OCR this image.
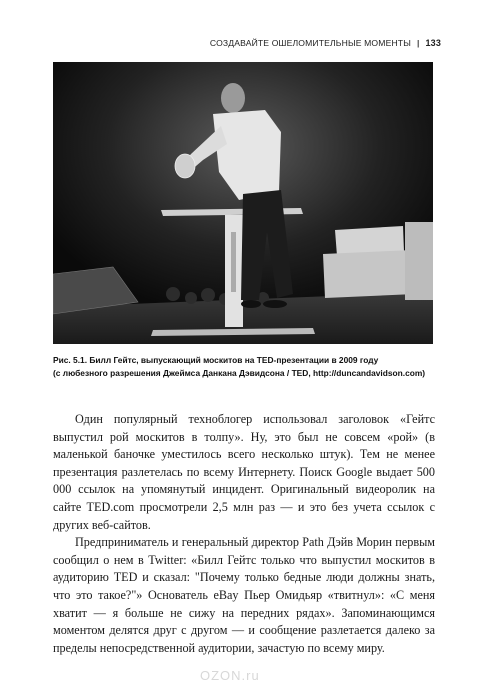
СОЗДАВАЙТЕ ОШЕЛОМИТЕЛЬНЫЕ МОМЕНТЫ | 133
Рис. 5.1. Билл Гейтс, выпускающий москитов на TED-презентации в 2009 году
(с любезного разрешения Джеймса Данкана Дэвидсона / TED, http://duncandavidson.com)

Один популярный техноблогер использовал заголовок «Гейтс выпустил рой москитов в толпу». Ну, это был не совсем «рой» (в маленькой баночке уместилось всего несколько штук). Тем не менее презентация разлетелась по всему Интернету. Поиск Google выдает 500 000 ссылок на упомянутый инцидент. Оригинальный видеоролик на сайте TED.com просмотрели 2,5 млн раз — и это без учета ссылок с других веб-сайтов.

Предприниматель и генеральный директор Path Дэйв Морин первым сообщил о нем в Twitter: «Билл Гейтс только что выпустил москитов в аудиторию TED и сказал: "Почему только бедные люди должны знать, что это такое?"» Основатель eBay Пьер Омидьяр «твитнул»: «С меня хватит — я больше не сижу на передних рядах». Запоминающимся моментом делятся друг с другом — и сообщение разлетается далеко за пределы непосредственной аудитории, зачастую по всему миру.

OZON.ru
